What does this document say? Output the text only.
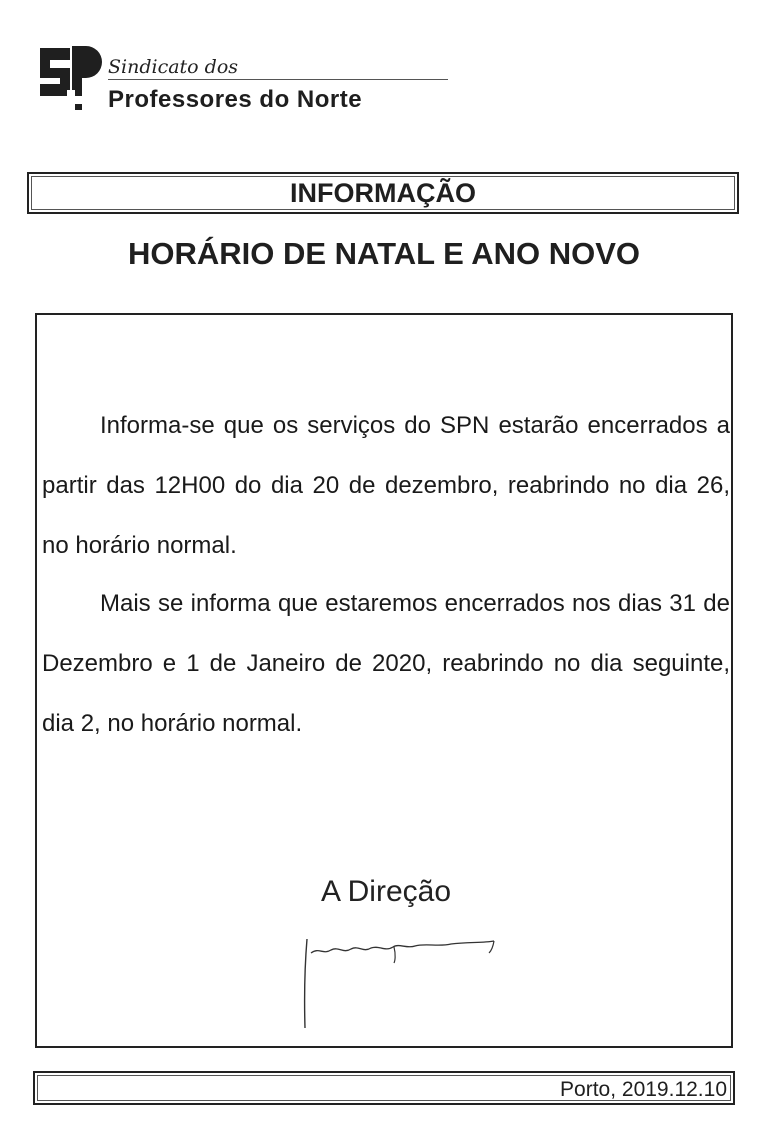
Sindicato dos
Professores do Norte
INFORMAÇÃO
HORÁRIO DE NATAL E ANO NOVO

Informa-se que os serviços do SPN estarão encerrados a partir das 12H00 do dia 20 de dezembro, reabrindo no dia 26, no horário normal.

Mais se informa que estaremos encerrados nos dias 31 de Dezembro e 1 de Janeiro de 2020, reabrindo no dia seguinte, dia 2, no horário normal.

A Direção
Porto, 2019.12.10
